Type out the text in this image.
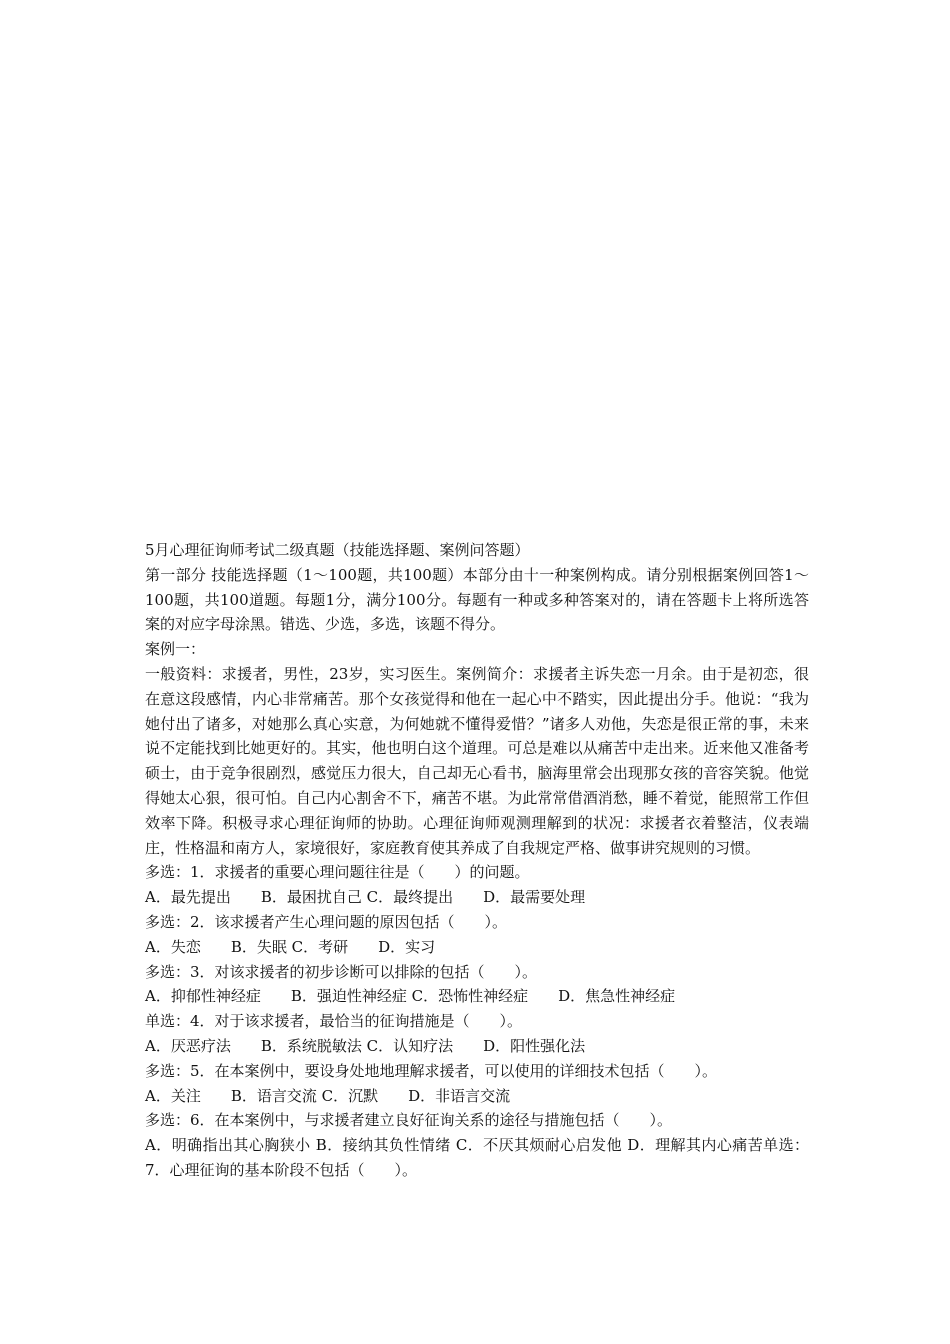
5月心理征询师考试二级真题（技能选择题、案例问答题）

第一部分 技能选择题（1～100题，共100题）本部分由十一种案例构成。请分别根据案例回答1～100题，共100道题。每题1分，满分100分。每题有一种或多种答案对的，请在答题卡上将所选答案的对应字母涂黑。错选、少选，多选，该题不得分。

案例一：

一般资料：求援者，男性，23岁，实习医生。案例简介：求援者主诉失恋一月余。由于是初恋，很在意这段感情，内心非常痛苦。那个女孩觉得和他在一起心中不踏实，因此提出分手。他说：“我为她付出了诸多，对她那么真心实意，为何她就不懂得爱惜？”诸多人劝他，失恋是很正常的事，未来说不定能找到比她更好的。其实，他也明白这个道理。可总是难以从痛苦中走出来。近来他又准备考硕士，由于竞争很剧烈，感觉压力很大，自己却无心看书，脑海里常会出现那女孩的音容笑貌。他觉得她太心狠，很可怕。自己内心割舍不下，痛苦不堪。为此常常借酒消愁，睡不着觉，能照常工作但效率下降。积极寻求心理征询师的协助。心理征询师观测理解到的状况：求援者衣着整洁，仪表端庄，性格温和南方人，家境很好，家庭教育使其养成了自我规定严格、做事讲究规则的习惯。

多选：1．求援者的重要心理问题往往是（　　）的问题。

A．最先提出　　B．最困扰自己 C．最终提出　　D．最需要处理

多选：2．该求援者产生心理问题的原因包括（　　）。

A．失恋　　B．失眠 C．考研　　D．实习

多选：3．对该求援者的初步诊断可以排除的包括（　　）。

A．抑郁性神经症　　B．强迫性神经症 C．恐怖性神经症　　D．焦急性神经症

单选：4．对于该求援者，最恰当的征询措施是（　　）。

A．厌恶疗法　　B．系统脱敏法 C．认知疗法　　D．阳性强化法

多选：5．在本案例中，要设身处地地理解求援者，可以使用的详细技术包括（　　）。

A．关注　　B．语言交流 C．沉默　　D．非语言交流

多选：6．在本案例中，与求援者建立良好征询关系的途径与措施包括（　　）。

A．明确指出其心胸狭小 B．接纳其负性情绪 C．不厌其烦耐心启发他 D．理解其内心痛苦单选：7．心理征询的基本阶段不包括（　　）。
